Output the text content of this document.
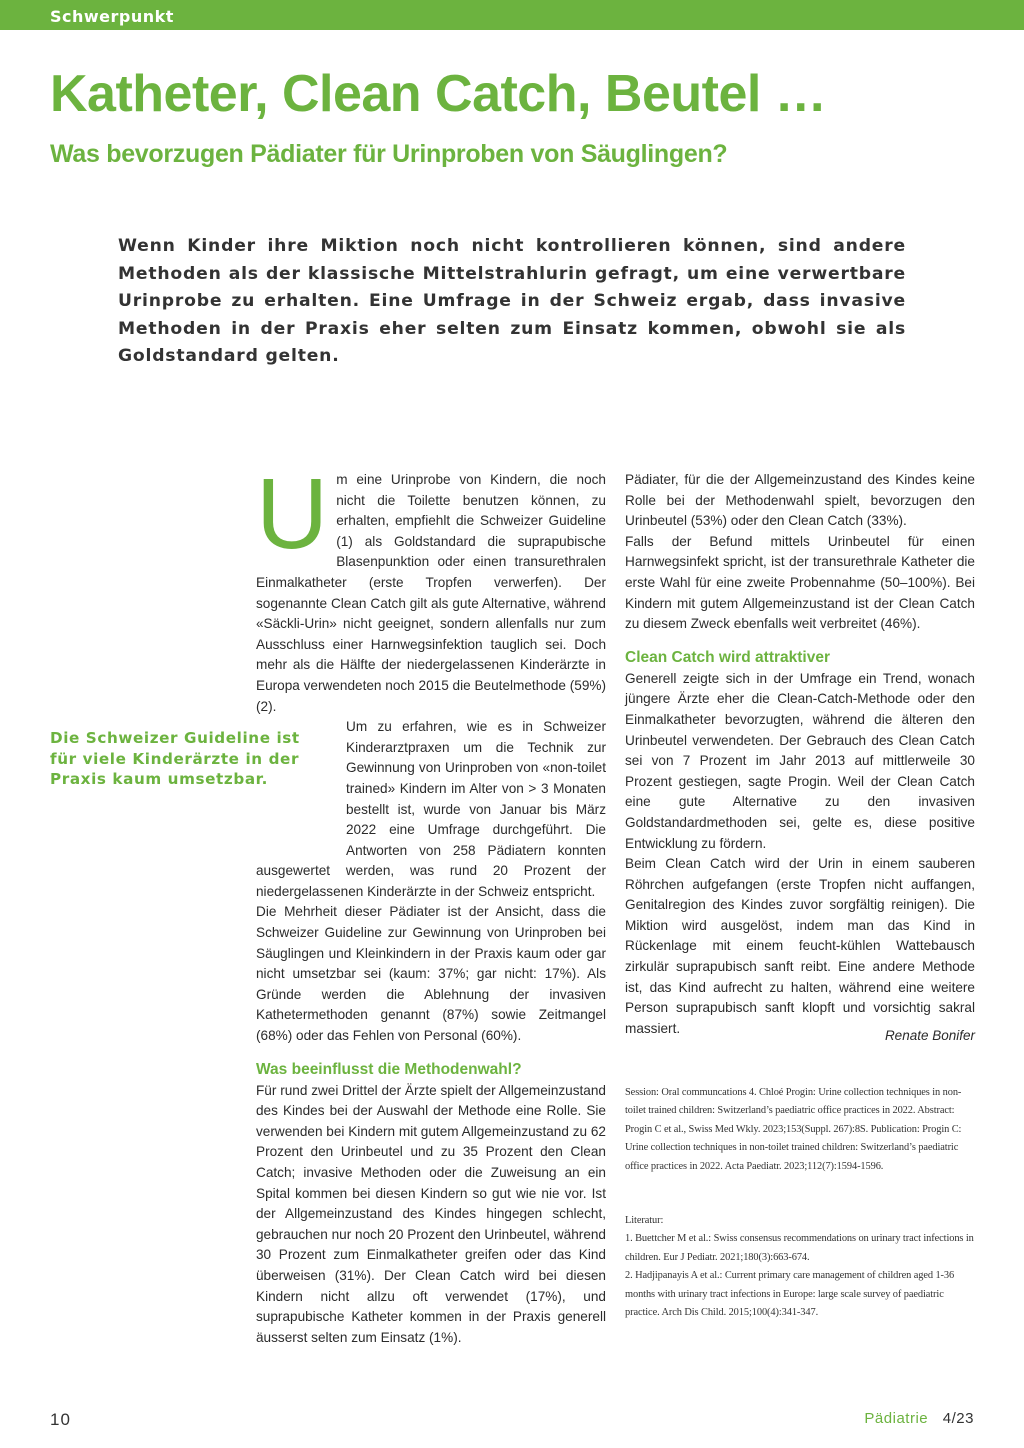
Schwerpunkt
Katheter, Clean Catch, Beutel …
Was bevorzugen Pädiater für Urinproben von Säuglingen?

Wenn Kinder ihre Miktion noch nicht kontrollieren können, sind andere Methoden als der klassische Mittelstrahlurin gefragt, um eine verwertbare Urinprobe zu erhalten. Eine Umfrage in der Schweiz ergab, dass invasive Methoden in der Praxis eher selten zum Einsatz kommen, obwohl sie als Goldstandard gelten.

U m eine Urinprobe von Kindern, die noch nicht die Toilette benutzen können, zu erhalten, empfiehlt die Schweizer Guideline (1) als Goldstandard die suprapubische Blasenpunktion oder einen transurethralen Einmalkatheter (erste Tropfen verwerfen). Der sogenannte Clean Catch gilt als gute Alternative, während «Säckli-Urin» nicht geeignet, sondern allenfalls nur zum Ausschluss einer Harnwegsinfektion tauglich sei. Doch mehr als die Hälfte der niedergelassenen Kinderärzte in Europa verwendeten noch 2015 die Beutelmethode (59%) (2).

Um zu erfahren, wie es in Schweizer Kinderarztpraxen um die Technik zur Gewinnung von Urinproben von «non-toilet trained» Kindern im Alter von > 3 Monaten bestellt ist, wurde von Januar bis März 2022 eine Umfrage durchgeführt. Die Antworten von 258 Pädiatern konnten ausgewertet werden, was rund 20 Prozent der niedergelassenen Kinderärzte in der Schweiz entspricht.

Die Mehrheit dieser Pädiater ist der Ansicht, dass die Schweizer Guideline zur Gewinnung von Urinproben bei Säuglingen und Kleinkindern in der Praxis kaum oder gar nicht umsetzbar sei (kaum: 37%; gar nicht: 17%). Als Gründe werden die Ablehnung der invasiven Kathetermethoden genannt (87%) sowie Zeitmangel (68%) oder das Fehlen von Personal (60%).

Was beeinflusst die Methodenwahl?

Für rund zwei Drittel der Ärzte spielt der Allgemeinzustand des Kindes bei der Auswahl der Methode eine Rolle. Sie verwenden bei Kindern mit gutem Allgemeinzustand zu 62 Prozent den Urinbeutel und zu 35 Prozent den Clean Catch; invasive Methoden oder die Zuweisung an ein Spital kommen bei diesen Kindern so gut wie nie vor. Ist der Allgemeinzustand des Kindes hingegen schlecht, gebrauchen nur noch 20 Prozent den Urinbeutel, während 30 Prozent zum Einmalkatheter greifen oder das Kind überweisen (31%). Der Clean Catch wird bei diesen Kindern nicht allzu oft verwendet (17%), und suprapubische Katheter kommen in der Praxis generell äusserst selten zum Einsatz (1%).

Die Schweizer Guideline ist für viele Kinderärzte in der Praxis kaum umsetzbar.

Pädiater, für die der Allgemeinzustand des Kindes keine Rolle bei der Methodenwahl spielt, bevorzugen den Urinbeutel (53%) oder den Clean Catch (33%).

Falls der Befund mittels Urinbeutel für einen Harnwegsinfekt spricht, ist der transurethrale Katheter die erste Wahl für eine zweite Probennahme (50–100%). Bei Kindern mit gutem Allgemeinzustand ist der Clean Catch zu diesem Zweck ebenfalls weit verbreitet (46%).

Clean Catch wird attraktiver

Generell zeigte sich in der Umfrage ein Trend, wonach jüngere Ärzte eher die Clean-Catch-Methode oder den Einmalkatheter bevorzugten, während die älteren den Urinbeutel verwendeten. Der Gebrauch des Clean Catch sei von 7 Prozent im Jahr 2013 auf mittlerweile 30 Prozent gestiegen, sagte Progin. Weil der Clean Catch eine gute Alternative zu den invasiven Goldstandardmethoden sei, gelte es, diese positive Entwicklung zu fördern.

Beim Clean Catch wird der Urin in einem sauberen Röhrchen aufgefangen (erste Tropfen nicht auffangen, Genitalregion des Kindes zuvor sorgfältig reinigen). Die Miktion wird ausgelöst, indem man das Kind in Rückenlage mit einem feucht-kühlen Wattebausch zirkulär suprapubisch sanft reibt. Eine andere Methode ist, das Kind aufrecht zu halten, während eine weitere Person suprapubisch sanft klopft und vorsichtig sakral massiert.	Renate Bonifer

Session: Oral communcations 4. Chloé Progin: Urine collection techniques in non-toilet trained children: Switzerland’s paediatric office practices in 2022. Abstract: Progin C et al., Swiss Med Wkly. 2023;153(Suppl. 267):8S. Publication: Progin C: Urine collection techniques in non-toilet trained children: Switzerland’s paediatric office practices in 2022. Acta Paediatr. 2023;112(7):1594-1596.

Literatur:

1. Buettcher M et al.: Swiss consensus recommendations on urinary tract infections in children. Eur J Pediatr. 2021;180(3):663-674.

2. Hadjipanayis A et al.: Current primary care management of children aged 1-36 months with urinary tract infections in Europe: large scale survey of paediatric practice. Arch Dis Child. 2015;100(4):341-347.

10	Pädiatrie 4/23
